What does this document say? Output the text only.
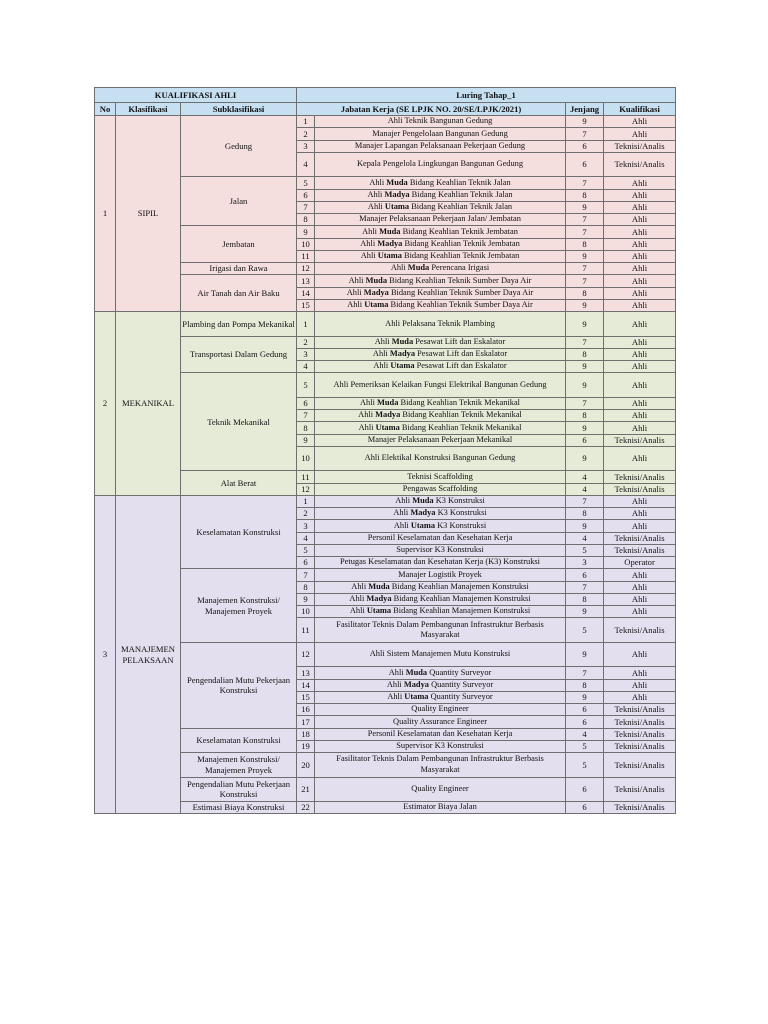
KUALIFIKASI AHLI			Luring Tahap_1			
No	Klasifikasi	Subklasifikasi	Jabatan Kerja (SE LPJK NO. 20/SE/LPJK/2021)		Jenjang	Kualifikasi
1	SIPIL	Gedung	1	Ahli Teknik Bangunan Gedung	9	Ahli
			2	Manajer Pengelolaan Bangunan Gedung	7	Ahli
			3	Manajer Lapangan Pelaksanaan Pekerjaan Gedung	6	Teknisi/Analis
			4	Kepala Pengelola Lingkungan Bangunan Gedung	6	Teknisi/Analis
		Jalan	5	Ahli Muda Bidang Keahlian Teknik Jalan	7	Ahli
			6	Ahli Madya Bidang Keahlian Teknik Jalan	8	Ahli
			7	Ahli Utama Bidang Keahlian Teknik Jalan	9	Ahli
			8	Manajer Pelaksanaan Pekerjaan Jalan/ Jembatan	7	Ahli
		Jembatan	9	Ahli Muda Bidang Keahlian Teknik Jembatan	7	Ahli
			10	Ahli Madya Bidang Keahlian Teknik Jembatan	8	Ahli
			11	Ahli Utama Bidang Keahlian Teknik Jembatan	9	Ahli
		Irigasi dan Rawa	12	Ahli Muda Perencana Irigasi	7	Ahli
		Air Tanah dan Air Baku	13	Ahli Muda Bidang Keahlian Teknik Sumber Daya Air	7	Ahli
			14	Ahli Madya Bidang Keahlian Teknik Sumber Daya Air	8	Ahli
			15	Ahli Utama Bidang Keahlian Teknik Sumber Daya Air	9	Ahli
2	MEKANIKAL	Plambing dan Pompa Mekanikal	1	Ahli Pelaksana Teknik Plambing	9	Ahli
		Transportasi Dalam Gedung	2	Ahli Muda Pesawat Lift dan Eskalator	7	Ahli
			3	Ahli Madya Pesawat Lift dan Eskalator	8	Ahli
			4	Ahli Utama Pesawat Lift dan Eskalator	9	Ahli
		Teknik Mekanikal	5	Ahli Pemeriksan Kelaikan Fungsi Elektrikal Bangunan Gedung	9	Ahli
			6	Ahli Muda Bidang Keahlian Teknik Mekanikal	7	Ahli
			7	Ahli Madya Bidang Keahlian Teknik Mekanikal	8	Ahli
			8	Ahli Utama Bidang Keahlian Teknik Mekanikal	9	Ahli
			9	Manajer Pelaksanaan Pekerjaan Mekanikal	6	Teknisi/Analis
			10	Ahli Elektikal Konstruksi Bangunan Gedung	9	Ahli
		Alat Berat	11	Teknisi Scaffolding	4	Teknisi/Analis
			12	Pengawas Scaffolding	4	Teknisi/Analis
3	MANAJEMEN PELAKSAAN	Keselamatan Konstruksi	1	Ahli Muda K3 Konstruksi	7	Ahli
			2	Ahli Madya K3 Konstruksi	8	Ahli
			3	Ahli Utama K3 Konstruksi	9	Ahli
			4	Personil Keselamatan dan Kesehatan Kerja	4	Teknisi/Analis
			5	Supervisor K3 Konstruksi	5	Teknisi/Analis
			6	Petugas Keselamatan dan Kesehatan Kerja (K3) Konstruksi	3	Operator
		Manajemen Konstruksi/ Manajemen Proyek	7	Manajer Logistik Proyek	6	Ahli
			8	Ahli Muda Bidang Keahlian Manajemen Konstruksi	7	Ahli
			9	Ahli Madya Bidang Keahlian Manajemen Konstruksi	8	Ahli
			10	Ahli Utama Bidang Keahlian Manajemen Konstruksi	9	Ahli
			11	Fasilitator Teknis Dalam Pembangunan Infrastruktur Berbasis Masyarakat	5	Teknisi/Analis
		Pengendalian Mutu Pekerjaan Konstruksi	12	Ahli Sistem Manajemen Mutu Konstruksi	9	Ahli
			13	Ahli Muda Quantity Surveyor	7	Ahli
			14	Ahli Madya Quantity Surveyor	8	Ahli
			15	Ahli Utama Quantity Surveyor	9	Ahli
			16	Quality Engineer	6	Teknisi/Analis
			17	Quality Assurance Engineer	6	Teknisi/Analis
		Keselamatan Konstruksi	18	Personil Keselamatan dan Kesehatan Kerja	4	Teknisi/Analis
			19	Supervisor K3 Konstruksi	5	Teknisi/Analis
		Manajemen Konstruksi/ Manajemen Proyek	20	Fasilitator Teknis Dalam Pembangunan Infrastruktur Berbasis Masyarakat	5	Teknisi/Analis
		Pengendalian Mutu Pekerjaan Konstruksi	21	Quality Engineer	6	Teknisi/Analis
		Estimasi Biaya Konstruksi	22	Estimator Biaya Jalan	6	Teknisi/Analis
